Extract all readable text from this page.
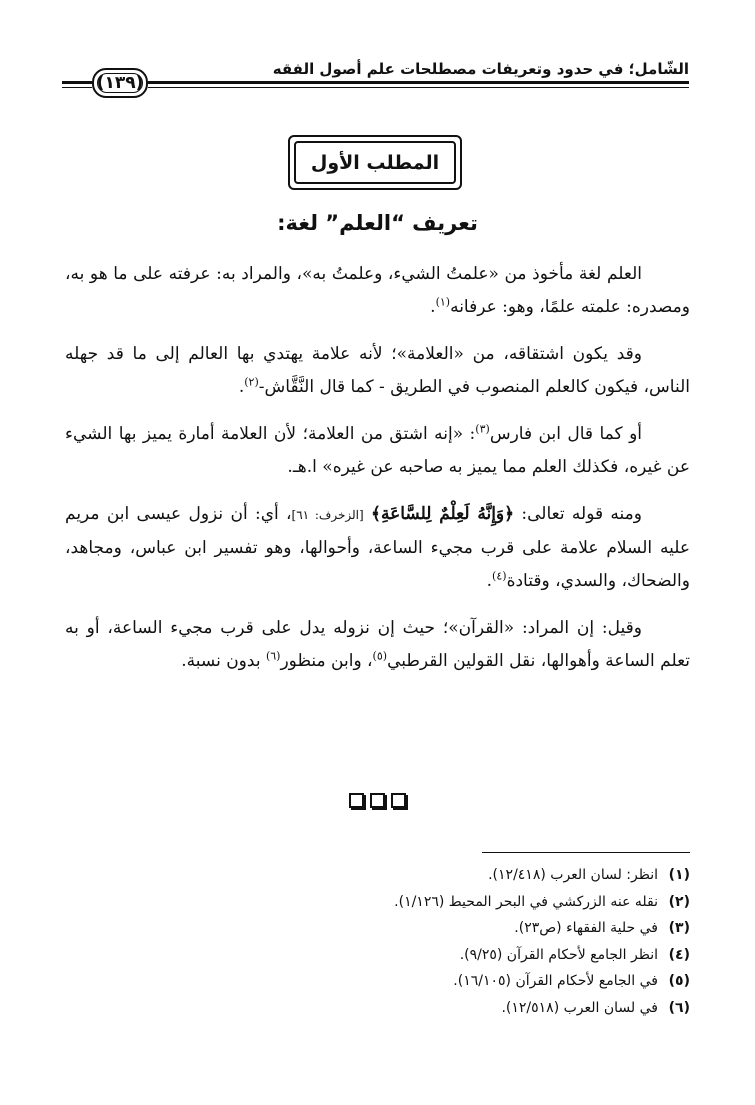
الشّامل؛ في حدود وتعريفات مصطلحات علم أصول الفقه
(١٣٩)
المطلب الأول
تعريف “العلم” لغة:

العلم لغة مأخوذ من «علمتُ الشيء، وعلمتُ به»، والمراد به: عرفته على ما هو به، ومصدره: علمته علمًا، وهو: عرفانه$^{(١)}$.

وقد يكون اشتقاقه، من «العلامة»؛ لأنه علامة يهتدي بها العالم إلى ما قد جهله الناس، فيكون كالعلم المنصوب في الطريق - كما قال النَّقَّاش-$^{(٢)}$.

أو كما قال ابن فارس$^{(٣)}$: «إنه اشتق من العلامة؛ لأن العلامة أمارة يميز بها الشيء عن غيره، فكذلك العلم مما يميز به صاحبه عن غيره» ا.هـ.

ومنه قوله تعالى: ﴿وَإِنَّهُ لَعِلْمٌ لِلسَّاعَةِ﴾ [الزخرف: ٦١]، أي: أن نزول عيسى ابن مريم عليه السلام علامة على قرب مجيء الساعة، وأحوالها، وهو تفسير ابن عباس، ومجاهد، والضحاك، والسدي، وقتادة$^{(٤)}$.

وقيل: إن المراد: «القرآن»؛ حيث إن نزوله يدل على قرب مجيء الساعة، أو به تعلم الساعة وأهوالها، نقل القولين القرطبي$^{(٥)}$، وابن منظور$^{(٦)}$ بدون نسبة.

(١)انظر: لسان العرب (١٢/٤١٨).
(٢)نقله عنه الزركشي في البحر المحيط (١/١٢٦).
(٣)في حلية الفقهاء (ص٢٣).
(٤)انظر الجامع لأحكام القرآن (٩/٢٥).
(٥)في الجامع لأحكام القرآن (١٦/١٠٥).
(٦)في لسان العرب (١٢/٥١٨).
